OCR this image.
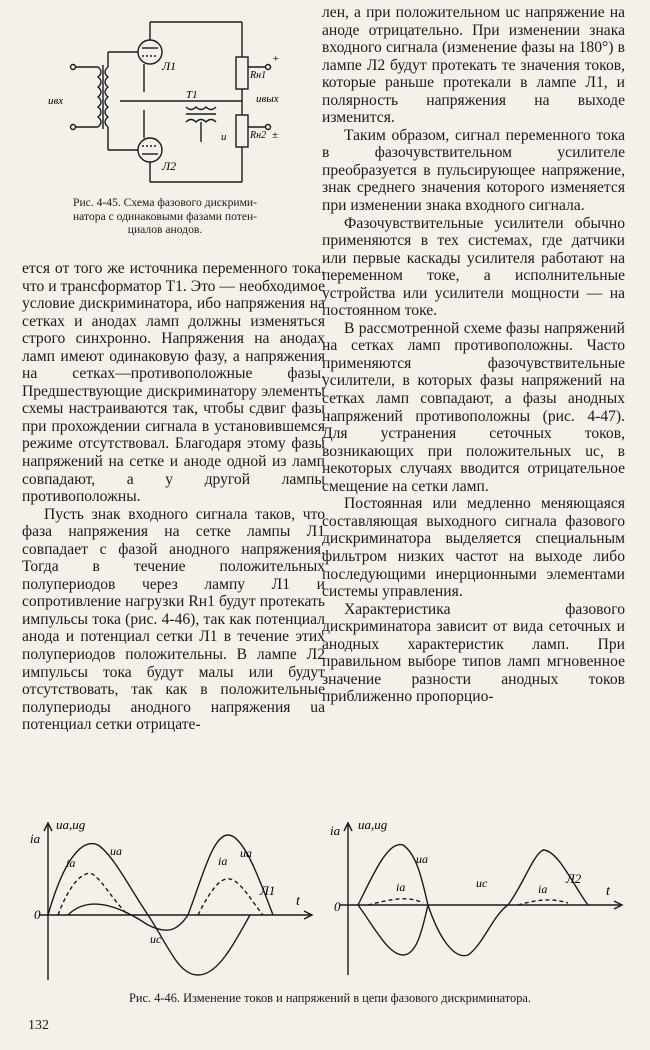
Л1
Л2
T1
Rн1
Rн2
uвх	uвых
u
+
±

Рис. 4-45. Схема фазового дискрими-

натора с одинаковыми фазами потен-

циалов анодов.

ется от того же источника переменного тока, что и трансформатор T1. Это — необходимое условие дискриминатора, ибо напряжения на сетках и анодах ламп должны изменяться строго синхронно. Напряжения на анодах ламп имеют одинаковую фазу, а напряжения на сетках—противоположные фазы. Предшествующие дискриминатору элементы схемы настраиваются так, чтобы сдвиг фазы при прохождении сигнала в установившемся режиме отсутствовал. Благодаря этому фазы напряжений на сетке и аноде одной из ламп совпадают, а у другой лампы противоположны.

Пусть знак входного сигнала таков, что фаза напряжения на сетке лампы Л1 совпадает с фазой анодного напряжения. Тогда в течение положительных полупериодов через лампу Л1 и сопротивление нагрузки Rн1 будут протекать импульсы тока (рис. 4-46), так как потенциал анода и потенциал сетки Л1 в течение этих полупериодов положительны. В лампе Л2 импульсы тока будут малы или будут отсутствовать, так как в положительные полупериоды анодного напряжения ua потенциал сетки отрицате-

лен, а при положительном uc напряжение на аноде отрицательно. При изменении знака входного сигнала (изменение фазы на 180°) в лампе Л2 будут протекать те значения токов, которые раньше протекали в лампе Л1, и полярность напряжения на выходе изменится.

Таким образом, сигнал переменного тока в фазочувствительном усилителе преобразуется в пульсирующее напряжение, знак среднего значения которого изменяется при изменении знака входного сигнала.

Фазочувствительные усилители обычно применяются в тех системах, где датчики или первые каскады усилителя работают на переменном токе, а исполнительные устройства или усилители мощности — на постоянном токе.

В рассмотренной схеме фазы напряжений на сетках ламп противоположны. Часто применяются фазочувствительные усилители, в которых фазы напряжений на сетках ламп совпадают, а фазы анодных напряжений противоположны (рис. 4-47). Для устранения сеточных токов, возникающих при положительных uc, в некоторых случаях вводится отрицательное смещение на сетки ламп.

Постоянная или медленно меняющаяся составляющая выходного сигнала фазового дискриминатора выделяется специальным фильтром низких частот на выходе либо последующими инерционными элементами системы управления.

Характеристика фазового дискриминатора зависит от вида сеточных и анодных характеристик ламп. При правильном выборе типов ламп мгновенное значение разности анодных токов приближенно пропорцио-

ia
ua,ug
ia
ua
uc
ia
ua
Л1
t
0
ia ua,ug
ua
ia	uc	ia
Л2
t
0

Рис. 4-46. Изменение токов и напряжений в цепи фазового дискриминатора.

132
